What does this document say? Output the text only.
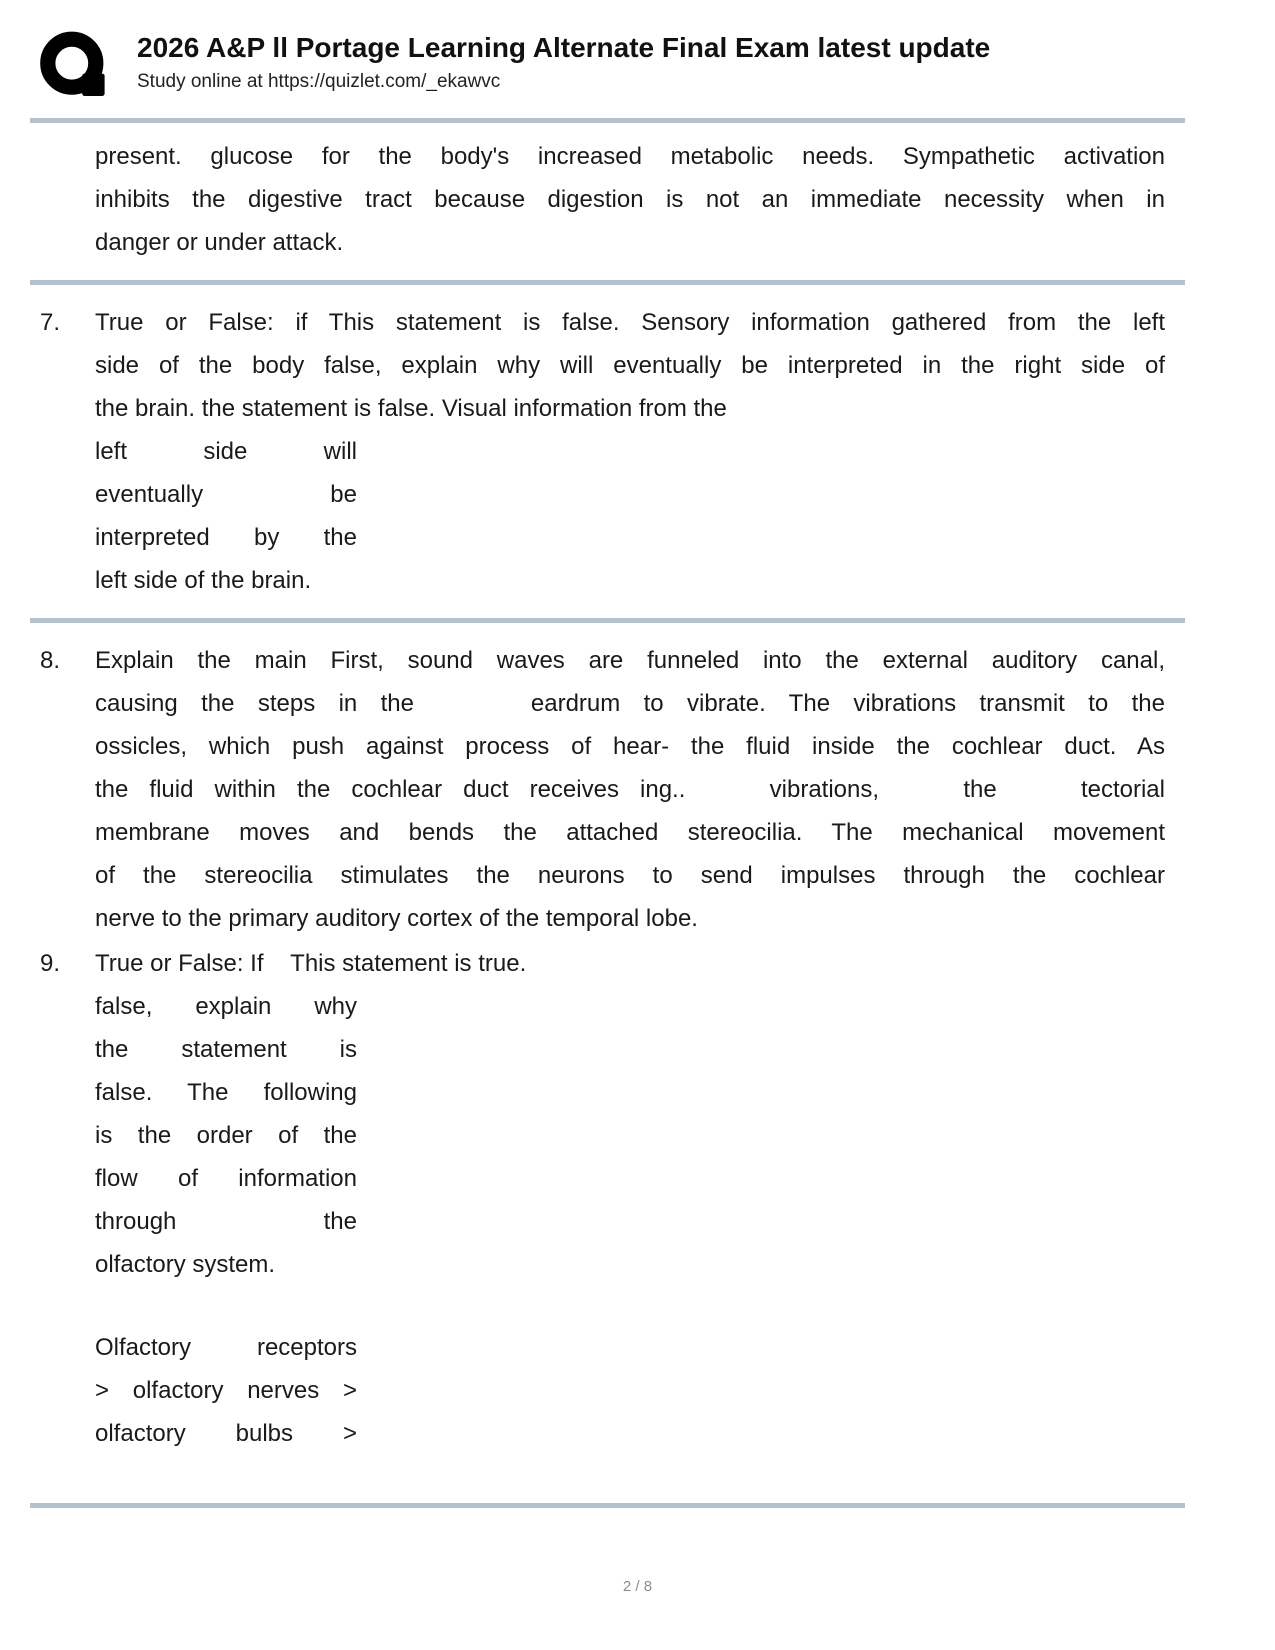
2026 A&P ll Portage Learning Alternate Final Exam latest update
Study online at https://quizlet.com/_ekawvc
present. glucose for the body's increased metabolic needs. Sympathetic activation
inhibits the digestive tract because digestion is not an immediate necessity when in
danger or under attack.
7.	True or False: if This statement is false. Sensory information gathered from the left
side of the body false, explain why will eventually be interpreted in the right side of
the brain. the statement is false. Visual information from the
left side will
eventually be
interpreted by the
left side of the brain.
8.	Explain the main First, sound waves are funneled into the external auditory canal,
causing the steps in the     eardrum to vibrate. The vibrations transmit to the
ossicles, which push against process of hear- the fluid inside the cochlear duct. As
the fluid within the cochlear duct receives ing..    vibrations,    the    tectorial
membrane moves and bends the attached stereocilia. The mechanical movement
of the stereocilia stimulates the neurons to send impulses through the cochlear
nerve to the primary auditory cortex of the temporal lobe.
9.	True or False: If    This statement is true.
false, explain why
the statement is
false. The following
is the order of the
flow of information
through the
olfactory system.
Olfactory receptors
> olfactory nerves >
olfactory bulbs >
2 / 8
